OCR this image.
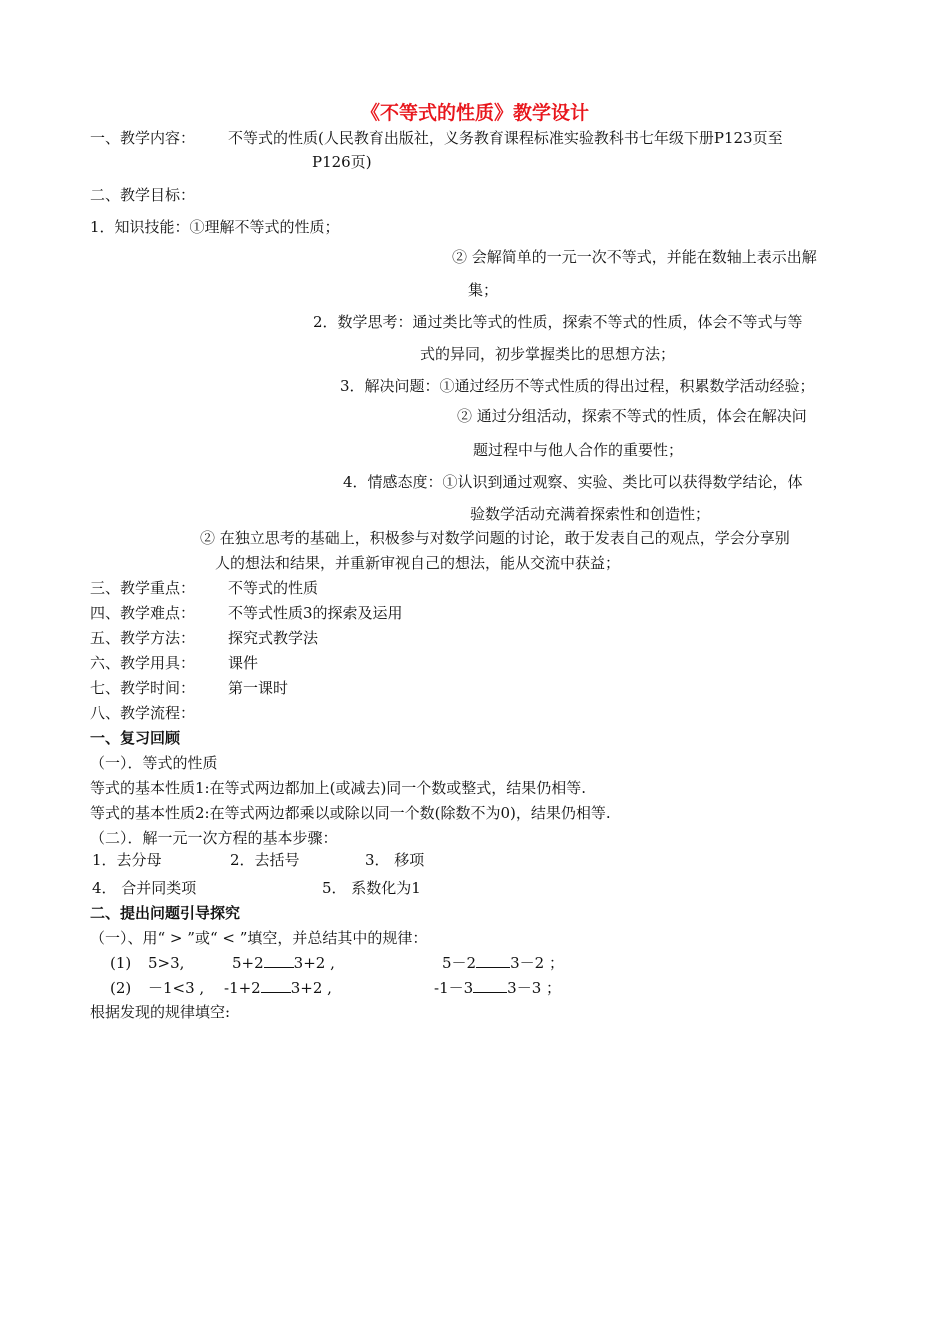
《不等式的性质》教学设计
一、教学内容： 不等式的性质(人民教育出版社，义务教育课程标准实验教科书七年级下册P123页至
P126页)
二、教学目标：
1．知识技能：①理解不等式的性质；
② 会解简单的一元一次不等式，并能在数轴上表示出解
集；
2．数学思考：通过类比等式的性质，探索不等式的性质，体会不等式与等
式的异同，初步掌握类比的思想方法；
3．解决问题：①通过经历不等式性质的得出过程，积累数学活动经验；
② 通过分组活动，探索不等式的性质，体会在解决问
题过程中与他人合作的重要性；
4．情感态度：①认识到通过观察、实验、类比可以获得数学结论，体
验数学活动充满着探索性和创造性；
② 在独立思考的基础上，积极参与对数学问题的讨论，敢于发表自己的观点，学会分享别
人的想法和结果，并重新审视自己的想法，能从交流中获益；
三、教学重点： 不等式的性质
四、教学难点： 不等式性质3的探索及运用
五、教学方法： 探究式教学法
六、教学用具： 课件
七、教学时间： 第一课时
八、教学流程：
一、复习回顾
（一）．等式的性质
等式的基本性质1:在等式两边都加上(或减去)同一个数或整式，结果仍相等.
等式的基本性质2:在等式两边都乘以或除以同一个数(除数不为0)，结果仍相等.
（二）．解一元一次方程的基本步骤：
1．去分母	2．去括号	3． 移项
4． 合并同类项	5． 系数化为1
二、提出问题引导探究
（一）、用“ > ”或“ < ”填空，并总结其中的规律：
(1) 5>3,	5+2 3+2 ,	5－2 3－2 ；
(2) －1<3 , -1+2 3+2 ,	-1－3 3－3 ；
根据发现的规律填空:
